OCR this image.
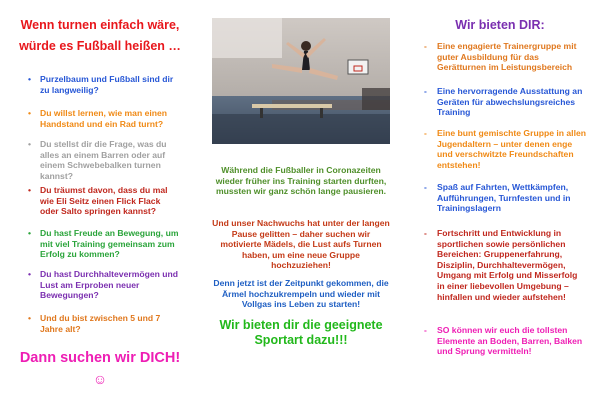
Wenn turnen einfach wäre,
würde es Fußball heißen …
• Purzelbaum und Fußball sind dir zu langweilig?
• Du willst lernen, wie man einen Handstand und ein Rad turnt?
• Du stellst dir die Frage, was du alles an einem Barren oder auf einem Schwebebalken turnen kannst?
• Du träumst davon, dass du mal wie Eli Seitz einen Flick Flack oder Salto springen kannst?
• Du hast Freude an Bewegung, um mit viel Training gemeinsam zum Erfolg zu kommen?
• Du hast Durchhaltevermögen und Lust am Erproben neuer Bewegungen?
• Und du bist zwischen 5 und 7 Jahre alt?
Dann suchen wir DICH!
☺

Während die Fußballer in Coronazeiten wieder früher ins Training starten durften, mussten wir ganz schön lange pausieren.

Und unser Nachwuchs hat unter der langen Pause gelitten – daher suchen wir motivierte Mädels, die Lust aufs Turnen haben, um eine neue Gruppe hochzuziehen!

Denn jetzt ist der Zeitpunkt gekommen, die Ärmel hochzukrempeln und wieder mit Vollgas ins Leben zu starten!

Wir bieten dir die geeignete Sportart dazu!!!
Wir bieten DIR:
- Eine engagierte Trainergruppe mit guter Ausbildung für das Gerätturnen im Leistungsbereich
- Eine hervorragende Ausstattung an Geräten für abwechslungsreiches Training
- Eine bunt gemischte Gruppe in allen Jugendaltern – unter denen enge und verschwitzte Freundschaften entstehen!
- Spaß auf Fahrten, Wettkämpfen, Aufführungen, Turnfesten und in Trainingslagern
- Fortschritt und Entwicklung in sportlichen sowie persönlichen Bereichen: Gruppenerfahrung, Disziplin, Durchhaltevermögen, Umgang mit Erfolg und Misserfolg in einer liebevollen Umgebung – hinfallen und wieder aufstehen!
- SO können wir euch die tollsten Elemente an Boden, Barren, Balken und Sprung vermitteln!
